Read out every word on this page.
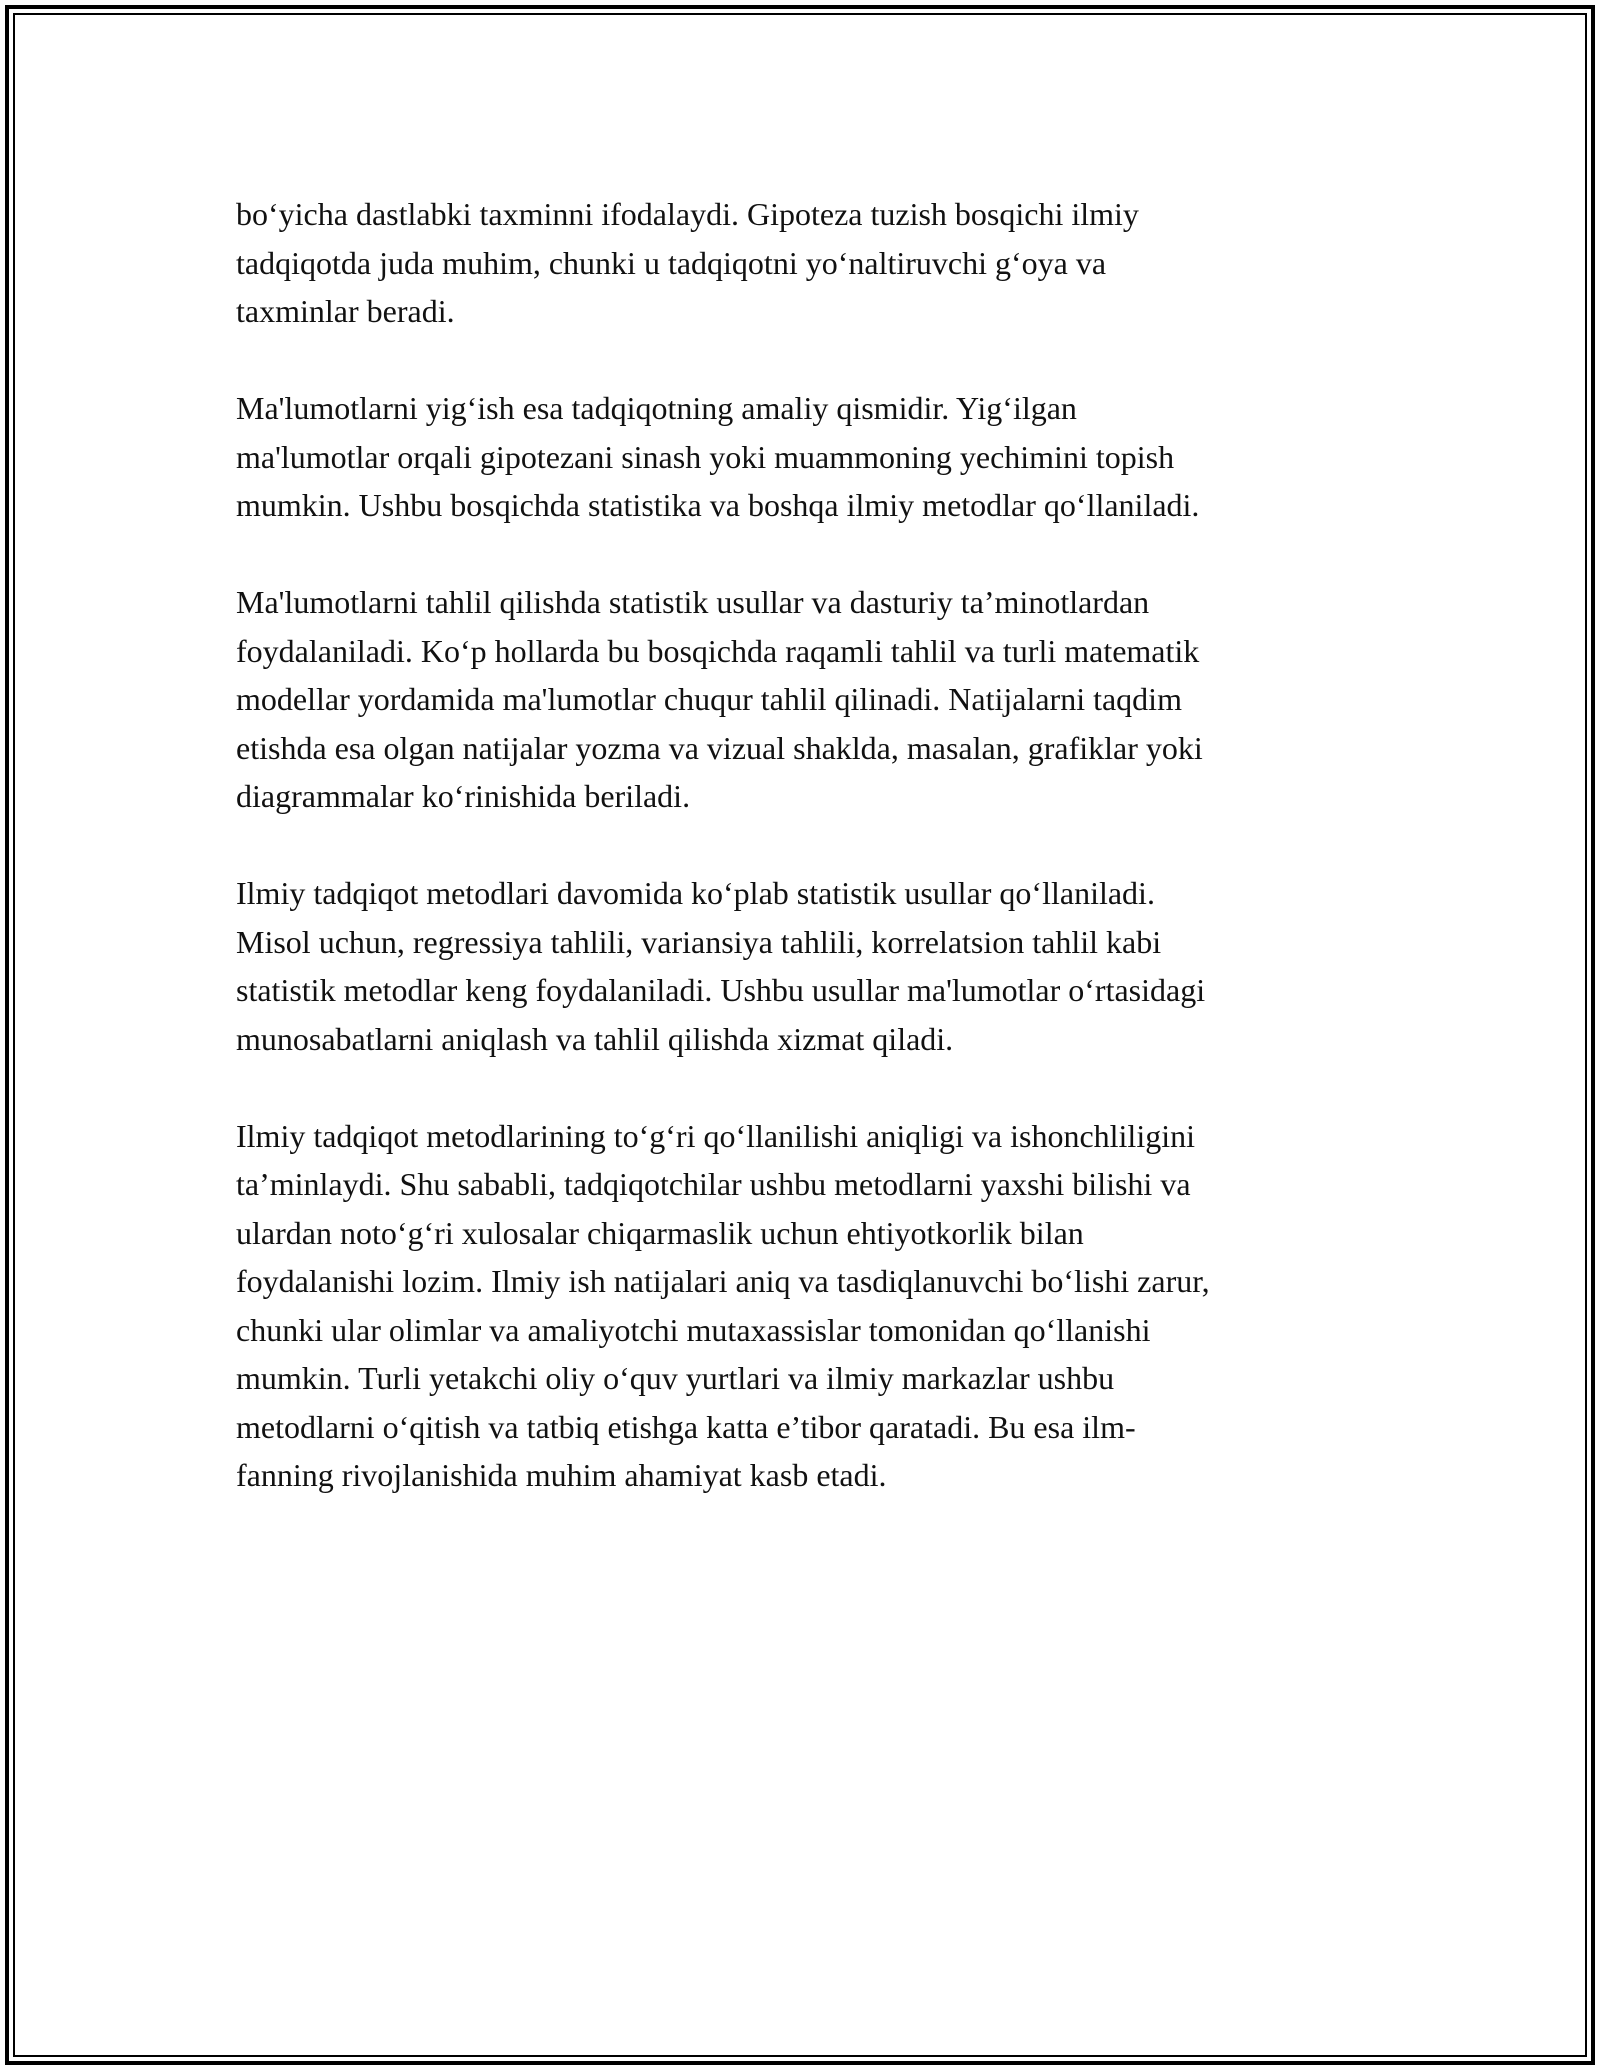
bo‘yicha dastlabki taxminni ifodalaydi. Gipoteza tuzish bosqichi ilmiy
tadqiqotda juda muhim, chunki u tadqiqotni yo‘naltiruvchi g‘oya va
taxminlar beradi.

Ma'lumotlarni yig‘ish esa tadqiqotning amaliy qismidir. Yig‘ilgan
ma'lumotlar orqali gipotezani sinash yoki muammoning yechimini topish
mumkin. Ushbu bosqichda statistika va boshqa ilmiy metodlar qo‘llaniladi.

Ma'lumotlarni tahlil qilishda statistik usullar va dasturiy ta’minotlardan
foydalaniladi. Ko‘p hollarda bu bosqichda raqamli tahlil va turli matematik
modellar yordamida ma'lumotlar chuqur tahlil qilinadi. Natijalarni taqdim
etishda esa olgan natijalar yozma va vizual shaklda, masalan, grafiklar yoki
diagrammalar ko‘rinishida beriladi.

Ilmiy tadqiqot metodlari davomida ko‘plab statistik usullar qo‘llaniladi.
Misol uchun, regressiya tahlili, variansiya tahlili, korrelatsion tahlil kabi
statistik metodlar keng foydalaniladi. Ushbu usullar ma'lumotlar o‘rtasidagi
munosabatlarni aniqlash va tahlil qilishda xizmat qiladi.

Ilmiy tadqiqot metodlarining to‘g‘ri qo‘llanilishi aniqligi va ishonchliligini
ta’minlaydi. Shu sababli, tadqiqotchilar ushbu metodlarni yaxshi bilishi va
ulardan noto‘g‘ri xulosalar chiqarmaslik uchun ehtiyotkorlik bilan
foydalanishi lozim. Ilmiy ish natijalari aniq va tasdiqlanuvchi bo‘lishi zarur,
chunki ular olimlar va amaliyotchi mutaxassislar tomonidan qo‘llanishi
mumkin. Turli yetakchi oliy o‘quv yurtlari va ilmiy markazlar ushbu
metodlarni o‘qitish va tatbiq etishga katta e’tibor qaratadi. Bu esa ilm-
fanning rivojlanishida muhim ahamiyat kasb etadi.
